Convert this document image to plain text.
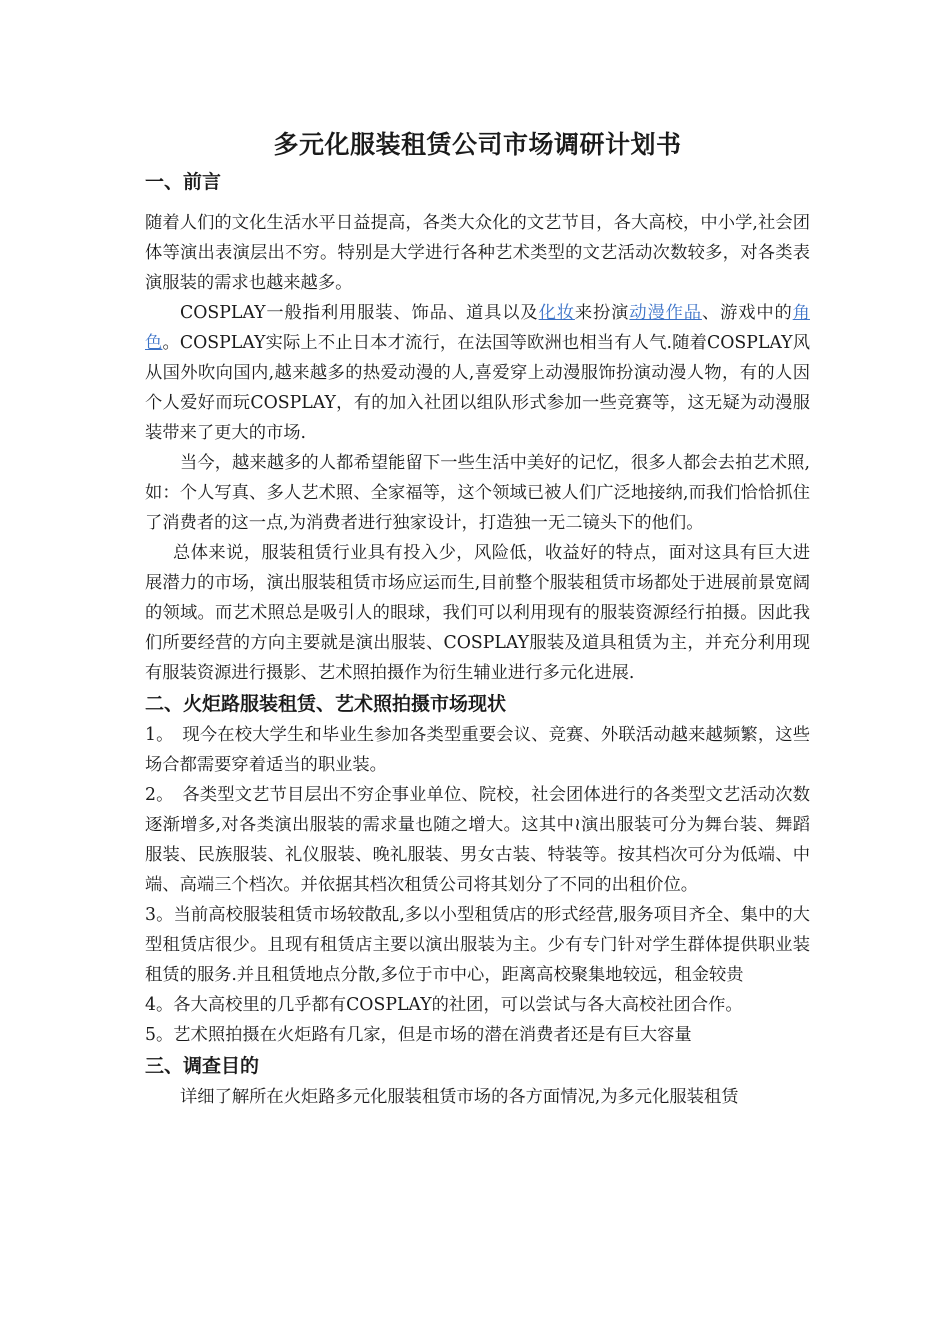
多元化服装租赁公司市场调研计划书
一、前言

随着人们的文化生活水平日益提高，各类大众化的文艺节目，各大高校，中小学,社会团体等演出表演层出不穷。特别是大学进行各种艺术类型的文艺活动次数较多，对各类表演服装的需求也越来越多。

COSPLAY一般指利用服装、饰品、道具以及化妆来扮演动漫作品、游戏中的角色。COSPLAY实际上不止日本才流行，在法国等欧洲也相当有人气.随着COSPLAY风从国外吹向国内,越来越多的热爱动漫的人,喜爱穿上动漫服饰扮演动漫人物，有的人因个人爱好而玩COSPLAY，有的加入社团以组队形式参加一些竞赛等，这无疑为动漫服装带来了更大的市场.

当今，越来越多的人都希望能留下一些生活中美好的记忆，很多人都会去拍艺术照,如：个人写真、多人艺术照、全家福等，这个领域已被人们广泛地接纳,而我们恰恰抓住了消费者的这一点,为消费者进行独家设计，打造独一无二镜头下的他们。

总体来说，服装租赁行业具有投入少，风险低，收益好的特点，面对这具有巨大进展潜力的市场，演出服装租赁市场应运而生,目前整个服装租赁市场都处于进展前景宽阔的领域。而艺术照总是吸引人的眼球，我们可以利用现有的服装资源经行拍摄。因此我们所要经营的方向主要就是演出服装、COSPLAY服装及道具租赁为主，并充分利用现有服装资源进行摄影、艺术照拍摄作为衍生辅业进行多元化进展.

二、火炬路服装租赁、艺术照拍摄市场现状

1。　现今在校大学生和毕业生参加各类型重要会议、竞赛、外联活动越来越频繁，这些场合都需要穿着适当的职业装。

2。　各类型文艺节目层出不穷企事业单位、院校，社会团体进行的各类型文艺活动次数逐渐增多,对各类演出服装的需求量也随之增大。这其中≀演出服装可分为舞台装、舞蹈服装、民族服装、礼仪服装、晚礼服装、男女古装、特装等。按其档次可分为低端、中端、高端三个档次。并依据其档次租赁公司将其划分了不同的出租价位。

3。当前高校服装租赁市场较散乱,多以小型租赁店的形式经营,服务项目齐全、集中的大型租赁店很少。且现有租赁店主要以演出服装为主。少有专门针对学生群体提供职业装租赁的服务.并且租赁地点分散,多位于市中心，距离高校聚集地较远，租金较贵

4。各大高校里的几乎都有COSPLAY的社团，可以尝试与各大高校社团合作。

5。艺术照拍摄在火炬路有几家，但是市场的潜在消费者还是有巨大容量

三、调查目的

详细了解所在火炬路多元化服装租赁市场的各方面情况,为多元化服装租赁
